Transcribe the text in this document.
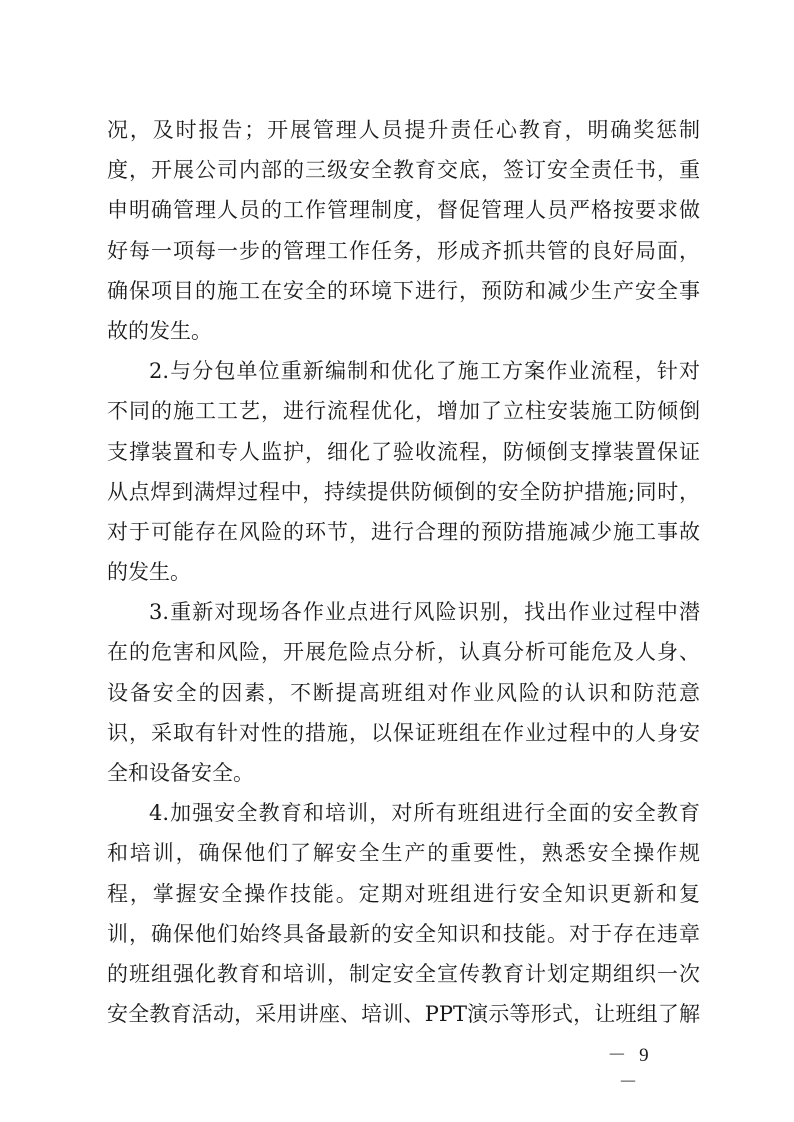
况，及时报告；开展管理人员提升责任心教育，明确奖惩制
度，开展公司内部的三级安全教育交底，签订安全责任书，重
申明确管理人员的工作管理制度，督促管理人员严格按要求做
好每一项每一步的管理工作任务，形成齐抓共管的良好局面，
确保项目的施工在安全的环境下进行，预防和减少生产安全事
故的发生。
2.与分包单位重新编制和优化了施工方案作业流程，针对
不同的施工工艺，进行流程优化，增加了立柱安装施工防倾倒
支撑装置和专人监护，细化了验收流程，防倾倒支撑装置保证
从点焊到满焊过程中，持续提供防倾倒的安全防护措施;同时，
对于可能存在风险的环节，进行合理的预防措施减少施工事故
的发生。
3.重新对现场各作业点进行风险识别，找出作业过程中潜
在的危害和风险，开展危险点分析，认真分析可能危及人身、
设备安全的因素，不断提高班组对作业风险的认识和防范意
识，采取有针对性的措施，以保证班组在作业过程中的人身安
全和设备安全。
4.加强安全教育和培训，对所有班组进行全面的安全教育
和培训，确保他们了解安全生产的重要性，熟悉安全操作规
程，掌握安全操作技能。定期对班组进行安全知识更新和复
训，确保他们始终具备最新的安全知识和技能。对于存在违章
的班组强化教育和培训，制定安全宣传教育计划定期组织一次
安全教育活动，采用讲座、培训、PPT演示等形式，让班组了解
－ 9 －
